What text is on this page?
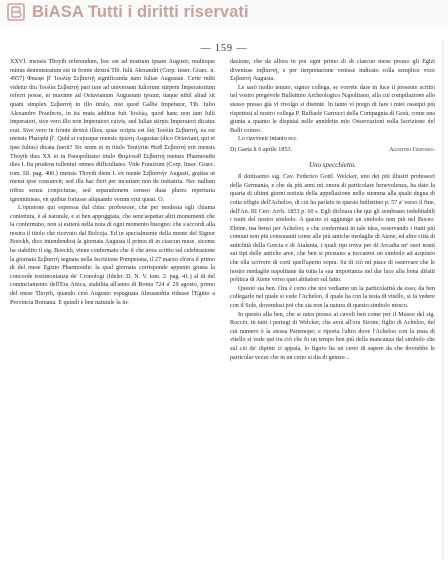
BiASA Tutti i diritti riservati
— 159 —

XXVI. mensis Thoyth referendum, hoc est ad nostram ipsam Augusti; multoque minus demonstratum est in fronte dextrà Tib. Iulii Alexandri (Corp. Inser. Graec. n. 4957) Φαωφὶ β' Ἰουλίᾳ Σεβαστῇ significanda nam Iuliae Augustae. Certe mihi videtur diu Ἰουλία Σεβαστή pari iure ad universam Iuliorum stirpem Imperatorium referri posse, et maxime ad Octavianum Augustum ipsum; itaque nihil aliud sit quam simplex Σεβαστή in illo titulo, nisi quod Galba Imperator, Tib. Iulio Alexandro Praefecto, in ita muta additus fuit Ἰουλίῳ, quod hanc non tam Iulii imperatori, sive vero illo non Imperatori cuivis, sed Iuliae stirpis Imperatori dicatus erat. Sive vero in fronte dextrà illius, quae scripta est διὰ Ἰουλία Σεβαστή, ea est mensis Phaophi β'. Quid si cujusque mensis πρώτη Augustae (dico Octaviani, qui et ipse Iulius) dicata fuerit? Sic enim et in titulo Tentyrite Θωθ Σεβαστή erit mensis Thoyth dies XX et in Panopolitano titulo Φαμενωθ Σεβαστή mensis Pharmouthi dies I. Ita prudens tollentur omnes difficultates. Vide Franzium (Corp. Inser. Graec. tom. III. pag. 400.) mensis Thoyth diem I. ex mente Σεβαστήν Augusti, gratias ut mensi ipse consuevit; sed illa hac fieri per incuriam non de industria. Nec nullum tribus sensu conjecturae, sed separationem censeo duas plures repertaria ignominieas, en quibus fortasse aliquando verum erui queat. O.

L'opinione qui espressa dal chiar. professore, che per modesta egli chiama coniettura, è al naturale, e si ben appoggiata, che senz'aspettar altri monumenti che la confermino, non si esiterà nella nota di ogni momento bisogno: che s'accordi alla nostra il titolo che ricevuto dal Bolcoja. Ed in specialmente della mente del Signor Boeckh, dico intendendosi la giornata Augusta il primo di in ciascun mese, sicome ha stabilito il sig. Boeckh, viene confermato che il che avea scritto sul celebrazione la giornata Σεβαστή segnata nella Iscrizione Pompeiana, il 27 marzo ch'era il primo di del mese Egizio Pharmouthi: la qual giornata corrisponde appunto giusta la concorde testimonianza de' Cronologi (Ideler. D. N. V. tom. 2. pag. 41.) al di del cominciamento dell'Era Attica, stabilita all'anno di Roma 724 a' 29 agosto, primo del mese Thoyth, quando cioè Augusto espugnata Alessandria ridusse l'Egitto a Provincia Romana. E quindi è ben naturale la in-

dazione, che da allora in poi ogni primo di di ciascun mese presso gli Egizi divenisse σεβαστή, e per iterpretarione venisse indicato colla semplice voce Σεβαστή Augusta.

Le sarò molto tenuto, signor collega, se vorrete dare in luce il presente scritto nel vostro pregevole Bullettino Archeologico Napolitano, alla cui compilazione allo stesso presso già vi rivolgo si distinte. In tanto vi prego di fare i miei ossequi più rispettosi al nostro collega P. Raffaele Garrucci della Compagnia di Gesù, come una giunta a quanto le disputai nelle annidette mie Osservazioni sulla Iscrizione del Bolli comeo.

Lo riavvenir intanto ecc.

Di Gaeta li 6 aprile 1853.	Agostino Gervasio.
Uno specchietto.

Il dottissimo sig. Cav. Federico Gottl. Welcker, uno dei più illustri professori della Germania, e che da più anni mi onora di particolare benevolenza, ha dato la quarta di ultimi giorni notizia della appellazione nello stemma alla quale degna di cotta effigie dell'Acheloo, di cui ha parlato in questo bullettino p. 57 a' verso il fine, dell'An. III Cerr. Arch. 1853 p. 60 s. Egli dichiara che qui gli sembrano indubitabili i tratti del nostro simbolo. A questo si aggiunge un simbolo non più nel Boceo. Ebone, ma bensì per Acheloo; e che confermasi in tale idea, osservando i tratti più comuni non più consonanti come alle più antiche medaglie di Atene, ed altre città di antichità della Grecia e di Atalanta, i quali tipi trova per di Arcadia ne' suoi nomi sui tipi delle antiche aree, che ben si prestano a toccaemi un simbolo ad acquisto che ella scrivere di corti quell'aperto sopra. Su di ciò mi piace di osservare che le nostre medaglie napolitane da tutta la sua importanza nel dar luce alla bona difatti politica di Atene verso quei abitatori sul fatto.

Questo sia ben. Ora è certo che noi vediamo un la particolarità da esso, da ben collegarlo nel quale si vede l'Acheloo, il quale ha con la testa di vitello, si fa vedere con il Sole, dovendosi poi che sia non la natura di questo simbolo mesco.

In questo alla ben, che si mira presso ai cavoli ben come per il Museo del sig. Roccio, in tutti i pertugi di Welcker, che avrà all'ora Sirone, figlio di Acheloo, del cui numero è la stessa Partenope; e riporta l'altro dove l'Acheloo con la testa di vitello si vede qui tra ciò che fu un tempo ben più della mancanza dal simbolo che sul ciò de' dipinti ci appaia, lo figuro ha un certo di sapere da che dovrebbe le particolar vezze che in un certo si dia di genere...
